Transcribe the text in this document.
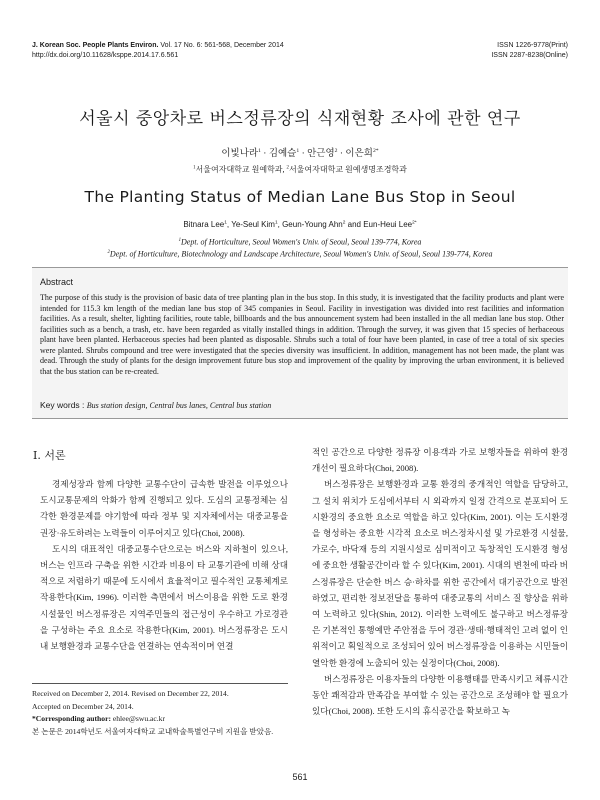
J. Korean Soc. People Plants Environ. Vol. 17 No. 6: 561-568, December 2014
http://dx.doi.org/10.11628/ksppe.2014.17.6.561
ISSN 1226-9778(Print)
ISSN 2287-8238(Online)
서울시 중앙차로 버스정류장의 식재현황 조사에 관한 연구
이빛나라$^1$ · 김예슬$^1$ · 안근영$^2$ · 이은희$^{2*}$
$^1$서울여자대학교 원예학과, $^2$서울여자대학교 원예생명조경학과
The Planting Status of Median Lane Bus Stop in Seoul
Bitnara Lee$^1$, Ye-Seul Kim$^1$, Geun-Young Ahn$^2$ and Eun-Heui Lee$^{2*}$
$^1$Dept. of Horticulture, Seoul Women's Univ. of Seoul, Seoul 139-774, Korea
$^2$Dept. of Horticulture, Biotechnology and Landscape Architecture, Seoul Women's Univ. of Seoul, Seoul 139-774, Korea
Abstract
The purpose of this study is the provision of basic data of tree planting plan in the bus stop. In this study, it is investigated that the facility products and plant were intended for 115.3 km length of the median lane bus stop of 345 companies in Seoul. Facility in investigation was divided into rest facilities and information facilities. As a result, shelter, lighting facilities, route table, billboards and the bus announcement system had been installed in the all median lane bus stop. Other facilities such as a bench, a trash, etc. have been regarded as vitally installed things in addition. Through the survey, it was given that 15 species of herbaceous plant have been planted. Herbaceous species had been planted as disposable. Shrubs such a total of four have been planted, in case of tree a total of six species were planted. Shrubs compound and tree were investigated that the species diversity was insufficient. In addition, management has not been made, the plant was dead. Through the study of plants for the design improvement future bus stop and improvement of the quality by improving the urban environment, it is believed that the bus station can be re-created.
Key words : Bus station design, Central bus lanes, Central bus station
Ⅰ. 서론

경제성장과 함께 다양한 교통수단이 급속한 발전을 이루었으나 도시교통문제의 악화가 함께 진행되고 있다. 도심의 교통정체는 심각한 환경문제를 야기함에 따라 정부 및 지자체에서는 대중교통을 권장·유도하려는 노력들이 이루어지고 있다(Choi, 2008).

도시의 대표적인 대중교통수단으로는 버스와 지하철이 있으나, 버스는 인프라 구축을 위한 시간과 비용이 타 교통기관에 비해 상대적으로 저렴하기 때문에 도시에서 효율적이고 필수적인 교통체계로 작용한다(Kim, 1996). 이러한 측면에서 버스이용을 위한 도로 환경시설물인 버스정류장은 지역주민들의 접근성이 우수하고 가로경관을 구성하는 주요 요소로 작용한다(Kim, 2001). 버스정류장은 도시 내 보행환경과 교통수단을 연결하는 연속적이며 연결

적인 공간으로 다양한 정류장 이용객과 가로 보행자들을 위하여 환경개선이 필요하다(Choi, 2008).

버스정류장은 보행환경과 교통 환경의 중개적인 역할을 담당하고, 그 설치 위치가 도심에서부터 시 외곽까지 일정 간격으로 분포되어 도시환경의 중요한 요소로 역할을 하고 있다(Kim, 2001). 이는 도시환경을 형성하는 중요한 시각적 요소로 버스정차시설 및 가로환경 시설물, 가로수, 바닥재 등의 지원시설로 심미적이고 독창적인 도시환경 형성에 중요한 생활공간이라 할 수 있다(Kim, 2001). 시대의 변천에 따라 버스정류장은 단순한 버스 승·하차를 위한 공간에서 대기공간으로 발전하였고, 편리한 정보전달을 통하여 대중교통의 서비스 질 향상을 위하여 노력하고 있다(Shin, 2012). 이러한 노력에도 불구하고 버스정류장은 기본적인 통행예만 주안점을 두어 경관·생태·행태적인 고려 없이 인위적이고 획일적으로 조성되어 있어 버스정류장을 이용하는 시민들이 열악한 환경에 노출되어 있는 실정이다(Choi, 2008).

버스정류장은 이용자들의 다양한 이용행태를 만족시키고 체류시간 동안 쾌적감과 만족감을 부여할 수 있는 공간으로 조성해야 할 필요가 있다(Choi, 2008). 또한 도시의 휴식공간을 확보하고 녹

Received on December 2, 2014. Revised on December 22, 2014.
Accepted on December 24, 2014.
*Corresponding author: ehlee@swu.ac.kr
본 논문은 2014학년도 서울여자대학교 교내학술특별연구비 지원을 받았음.
561
